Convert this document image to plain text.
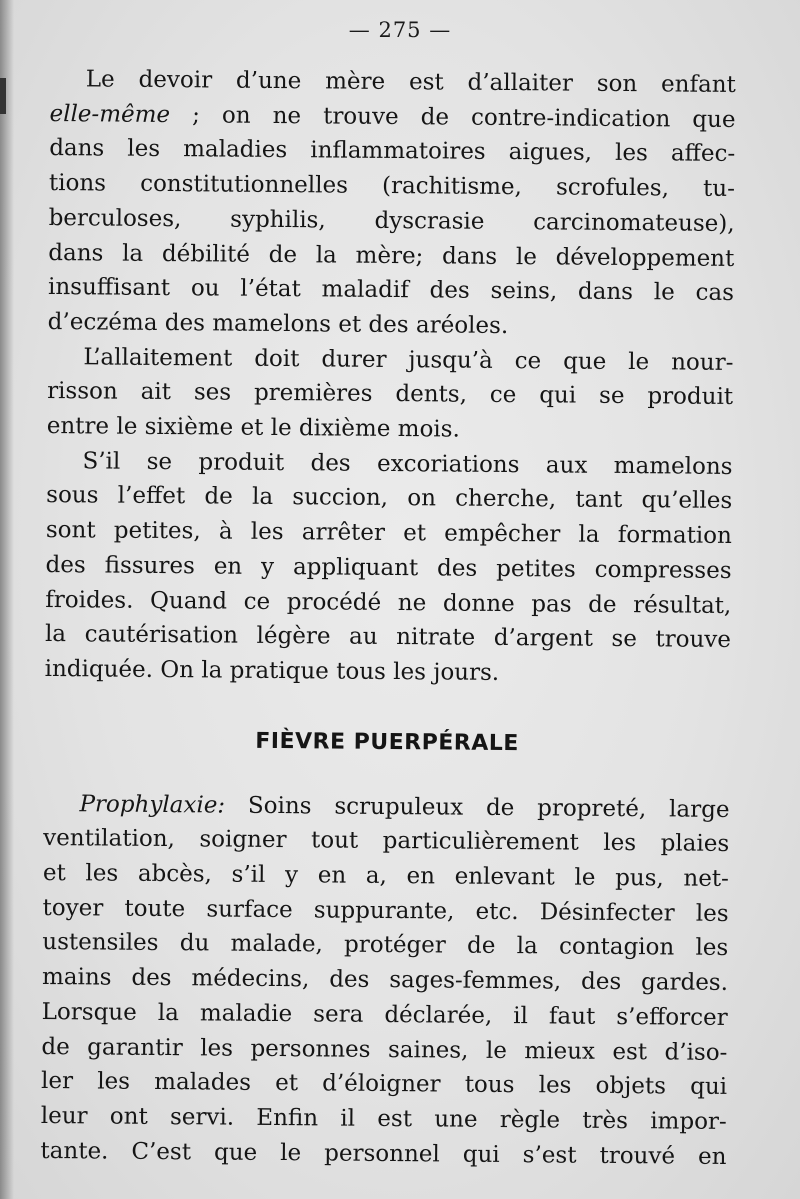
— 275 —

Le devoir d’une mère est d’allaiter son enfant
elle-même ; on ne trouve de contre-indication que
dans les maladies inflammatoires aigues, les affec-
tions constitutionnelles (rachitisme, scrofules, tu-
berculoses, syphilis, dyscrasie carcinomateuse),
dans la débilité de la mère; dans le développement
insuffisant ou l’état maladif des seins, dans le cas
d’eczéma des mamelons et des aréoles.
L’allaitement doit durer jusqu’à ce que le nour-
risson ait ses premières dents, ce qui se produit
entre le sixième et le dixième mois.
S’il se produit des excoriations aux mamelons
sous l’effet de la succion, on cherche, tant qu’elles
sont petites, à les arrêter et empêcher la formation
des fissures en y appliquant des petites compresses
froides. Quand ce procédé ne donne pas de résultat,
la cautérisation légère au nitrate d’argent se trouve
indiquée. On la pratique tous les jours.
FIÈVRE PUERPÉRALE
Prophylaxie: Soins scrupuleux de propreté, large
ventilation, soigner tout particulièrement les plaies
et les abcès, s’il y en a, en enlevant le pus, net-
toyer toute surface suppurante, etc. Désinfecter les
ustensiles du malade, protéger de la contagion les
mains des médecins, des sages-femmes, des gardes.
Lorsque la maladie sera déclarée, il faut s’efforcer
de garantir les personnes saines, le mieux est d’iso-
ler les malades et d’éloigner tous les objets qui
leur ont servi. Enfin il est une règle très impor-
tante. C’est que le personnel qui s’est trouvé en
